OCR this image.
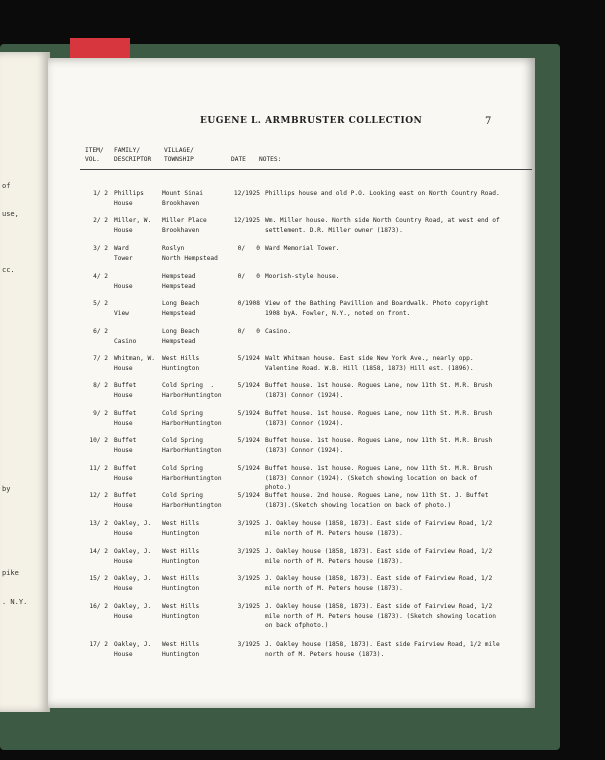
of
use,
cc.
by
pike
. N.Y.
EUGENE L. ARMBRUSTER COLLECTION	7
ITEM/
VOL.
FAMILY/
DESCRIPTOR
VILLAGE/
TOWNSHIP	DATE NOTES:
1/ 2 Phillips
House
Mount Sinai
Brookhaven
12/1925 Phillips house and old P.O. Looking east on North Country Road.
2/ 2 Miller, W.
House
Miller Place
Brookhaven
12/1925 Wm. Miller house. North side North Country Road, at west end of settlement. D.R. Miller owner (1873).
3/ 2 Ward
Tower
Roslyn
North Hempstead
0/   0 Ward Memorial Tower.
4/ 2

House
Hempstead
Hempstead
0/   0 Moorish-style house.
5/ 2

View
Long Beach
Hempstead
0/1908 View of the Bathing Pavillion and Boardwalk. Photo copyright 1908 byA. Fowler, N.Y., noted on front.
6/ 2

Casino
Long Beach
Hempstead
0/   0 Casino.
7/ 2 Whitman, W.
House
West Hills
Huntington
5/1924 Walt Whitman house. East side New York Ave., nearly opp. Valentine Road. W.B. Hill (1858, 1873) Hill est. (1896).
8/ 2 Buffet
House
Cold Spring  .
HarborHuntington
5/1924 Buffet house. 1st house. Rogues Lane, now 11th St. M.R. Brush (1873) Connor (1924).
9/ 2 Buffet
House
Cold Spring
HarborHuntington
5/1924 Buffet house. 1st house. Rogues Lane, now 11th St. M.R. Brush (1873) Connor (1924).
10/ 2 Buffet
House
Cold Spring
HarborHuntington
5/1924 Buffet house. 1st house. Rogues Lane, now 11th St. M.R. Brush (1873) Connor (1924).
11/ 2 Buffet
House
Cold Spring
HarborHuntington
5/1924 Buffet house. 1st house. Rogues Lane, now 11th St. M.R. Brush (1873) Connor (1924). (Sketch showing location on back of photo.)
12/ 2 Buffet
House
Cold Spring
HarborHuntington
5/1924 Buffet house. 2nd house. Rogues Lane, now 11th St. J. Buffet (1873).(Sketch showing location on back of photo.)
13/ 2 Oakley, J.
House
West Hills
Huntington
3/1925 J. Oakley house (1858, 1873). East side of Fairview Road, 1/2 mile north of M. Peters house (1873).
14/ 2 Oakley, J.
House
West Hills
Huntington
3/1925 J. Oakley house (1858, 1873). East side of Fairview Road, 1/2 mile north of M. Peters house (1873).
15/ 2 Oakley, J.
House
West Hills
Huntington
3/1925 J. Oakley house (1858, 1873). East side of Fairview Road, 1/2 mile north of M. Peters house (1873).
16/ 2 Oakley, J.
House
West Hills
Huntington
3/1925 J. Oakley house (1858, 1873). East side of Fairview Road, 1/2 mile north of M. Peters house (1873). (Sketch showing location on back ofphoto.)
17/ 2 Oakley, J.
House
West Hills
Huntington
3/1925 J. Oakley house (1858, 1873). East side Fairview Road, 1/2 mile north of M. Peters house (1873).
